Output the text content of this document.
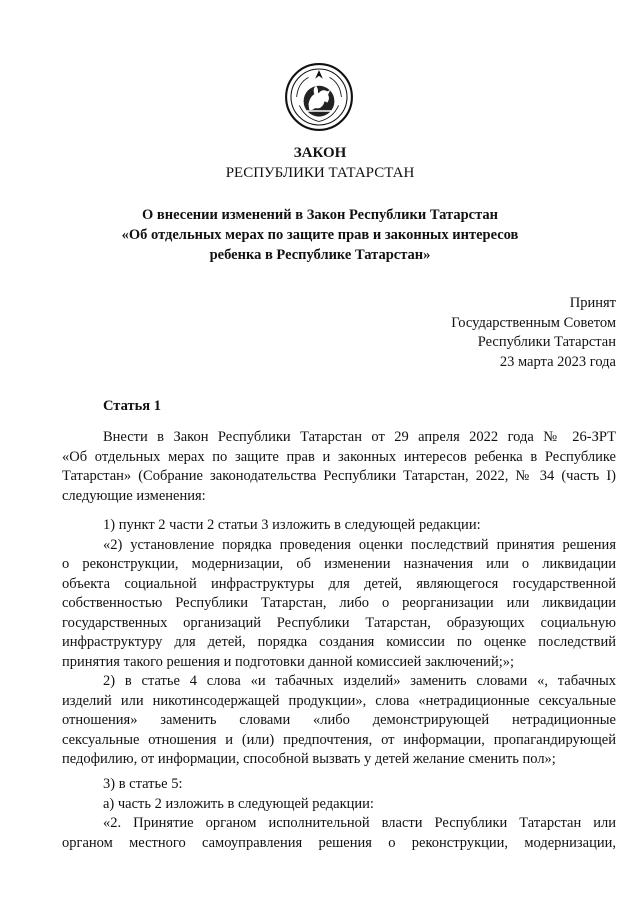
ЗАКОН
РЕСПУБЛИКИ ТАТАРСТАН
О внесении изменений в Закон Республики Татарстан
«Об отдельных мерах по защите прав и законных интересов
ребенка в Республике Татарстан»
Принят
Государственным Советом
Республики Татарстан
23 марта 2023 года
Статья 1
Внести в Закон Республики Татарстан от 29 апреля 2022 года № 26-ЗРТ
«Об отдельных мерах по защите прав и законных интересов ребенка в Республике
Татарстан» (Собрание законодательства Республики Татарстан, 2022, № 34 (часть I)
следующие изменения:
1) пункт 2 части 2 статьи 3 изложить в следующей редакции:
«2) установление порядка проведения оценки последствий принятия решения
о реконструкции, модернизации, об изменении назначения или о ликвидации
объекта социальной инфраструктуры для детей, являющегося государственной
собственностью Республики Татарстан, либо о реорганизации или ликвидации
государственных организаций Республики Татарстан, образующих социальную
инфраструктуру для детей, порядка создания комиссии по оценке последствий
принятия такого решения и подготовки данной комиссией заключений;»;
2) в статье 4 слова «и табачных изделий» заменить словами «, табачных
изделий или никотинсодержащей продукции», слова «нетрадиционные сексуальные
отношения» заменить словами «либо демонстрирующей нетрадиционные
сексуальные отношения и (или) предпочтения, от информации, пропагандирующей
педофилию, от информации, способной вызвать у детей желание сменить пол»;
3) в статье 5:
а) часть 2 изложить в следующей редакции:
«2. Принятие органом исполнительной власти Республики Татарстан или
органом местного самоуправления решения о реконструкции, модернизации,
